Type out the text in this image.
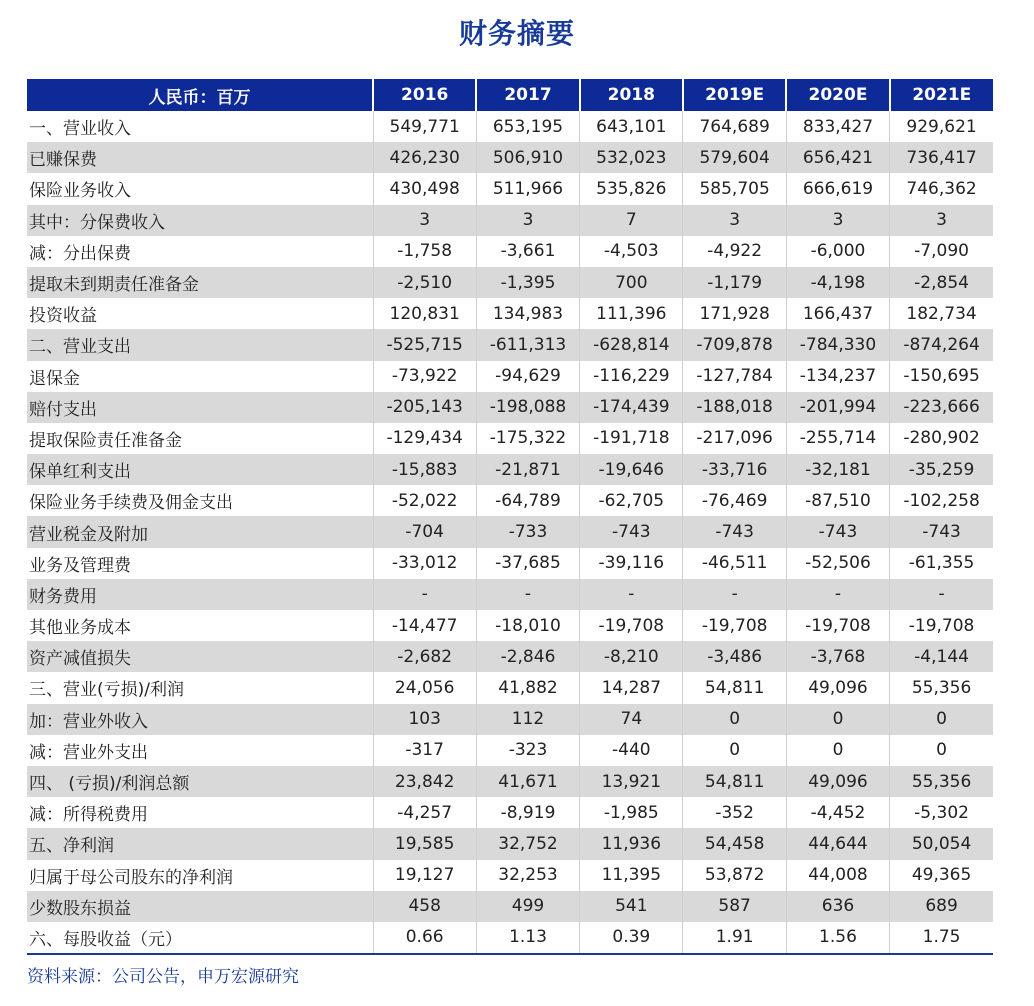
财务摘要
人民币：百万	2016	2017	2018	2019E	2020E	2021E
一、营业收入	549,771	653,195	643,101	764,689	833,427	929,621
已赚保费	426,230	506,910	532,023	579,604	656,421	736,417
保险业务收入	430,498	511,966	535,826	585,705	666,619	746,362
其中：分保费收入	3	3	7	3	3	3
减：分出保费	-1,758	-3,661	-4,503	-4,922	-6,000	-7,090
提取未到期责任准备金	-2,510	-1,395	700	-1,179	-4,198	-2,854
投资收益	120,831	134,983	111,396	171,928	166,437	182,734
二、营业支出	-525,715	-611,313	-628,814	-709,878	-784,330	-874,264
退保金	-73,922	-94,629	-116,229	-127,784	-134,237	-150,695
赔付支出	-205,143	-198,088	-174,439	-188,018	-201,994	-223,666
提取保险责任准备金	-129,434	-175,322	-191,718	-217,096	-255,714	-280,902
保单红利支出	-15,883	-21,871	-19,646	-33,716	-32,181	-35,259
保险业务手续费及佣金支出	-52,022	-64,789	-62,705	-76,469	-87,510	-102,258
营业税金及附加	-704	-733	-743	-743	-743	-743
业务及管理费	-33,012	-37,685	-39,116	-46,511	-52,506	-61,355
财务费用	-	-	-	-	-	-
其他业务成本	-14,477	-18,010	-19,708	-19,708	-19,708	-19,708
资产减值损失	-2,682	-2,846	-8,210	-3,486	-3,768	-4,144
三、营业(亏损)/利润	24,056	41,882	14,287	54,811	49,096	55,356
加：营业外收入	103	112	74	0	0	0
减：营业外支出	-317	-323	-440	0	0	0
四、 (亏损)/利润总额	23,842	41,671	13,921	54,811	49,096	55,356
减：所得税费用	-4,257	-8,919	-1,985	-352	-4,452	-5,302
五、净利润	19,585	32,752	11,936	54,458	44,644	50,054
归属于母公司股东的净利润	19,127	32,253	11,395	53,872	44,008	49,365
少数股东损益	458	499	541	587	636	689
六、每股收益（元）	0.66	1.13	0.39	1.91	1.56	1.75
资料来源：公司公告，申万宏源研究
